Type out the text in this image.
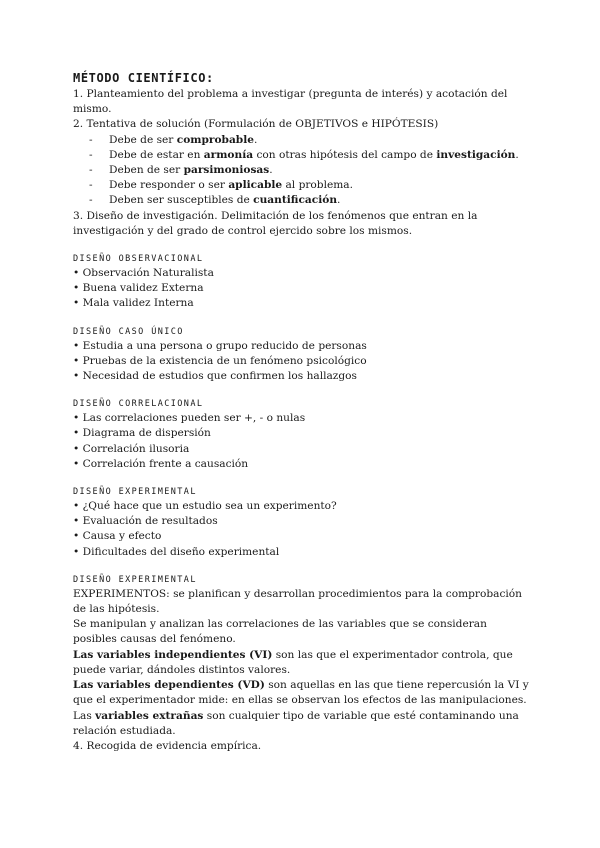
MÉTODO CIENTÍFICO:

1. Planteamiento del problema a investigar (pregunta de interés) y acotación del mismo.

2. Tentativa de solución (Formulación de OBJETIVOS e HIPÓTESIS)

- Debe de ser comprobable.

- Debe de estar en armonía con otras hipótesis del campo de investigación.

- Deben de ser parsimoniosas.

- Debe responder o ser aplicable al problema.

- Deben ser susceptibles de cuantificación.

3. Diseño de investigación. Delimitación de los fenómenos que entran en la investigación y del grado de control ejercido sobre los mismos.

DISEÑO OBSERVACIONAL

• Observación Naturalista

• Buena validez Externa

• Mala validez Interna

DISEÑO CASO ÚNICO

• Estudia a una persona o grupo reducido de personas

• Pruebas de la existencia de un fenómeno psicológico

• Necesidad de estudios que confirmen los hallazgos

DISEÑO CORRELACIONAL

• Las correlaciones pueden ser +, - o nulas

• Diagrama de dispersión

• Correlación ilusoria

• Correlación frente a causación

DISEÑO EXPERIMENTAL

• ¿Qué hace que un estudio sea un experimento?

• Evaluación de resultados

• Causa y efecto

• Dificultades del diseño experimental

DISEÑO EXPERIMENTAL

EXPERIMENTOS: se planifican y desarrollan procedimientos para la comprobación de las hipótesis.

Se manipulan y analizan las correlaciones de las variables que se consideran posibles causas del fenómeno.

Las variables independientes (VI) son las que el experimentador controla, que puede variar, dándoles distintos valores.

Las variables dependientes (VD) son aquellas en las que tiene repercusión la VI y que el experimentador mide: en ellas se observan los efectos de las manipulaciones.

Las variables extrañas son cualquier tipo de variable que esté contaminando una relación estudiada.

4. Recogida de evidencia empírica.
